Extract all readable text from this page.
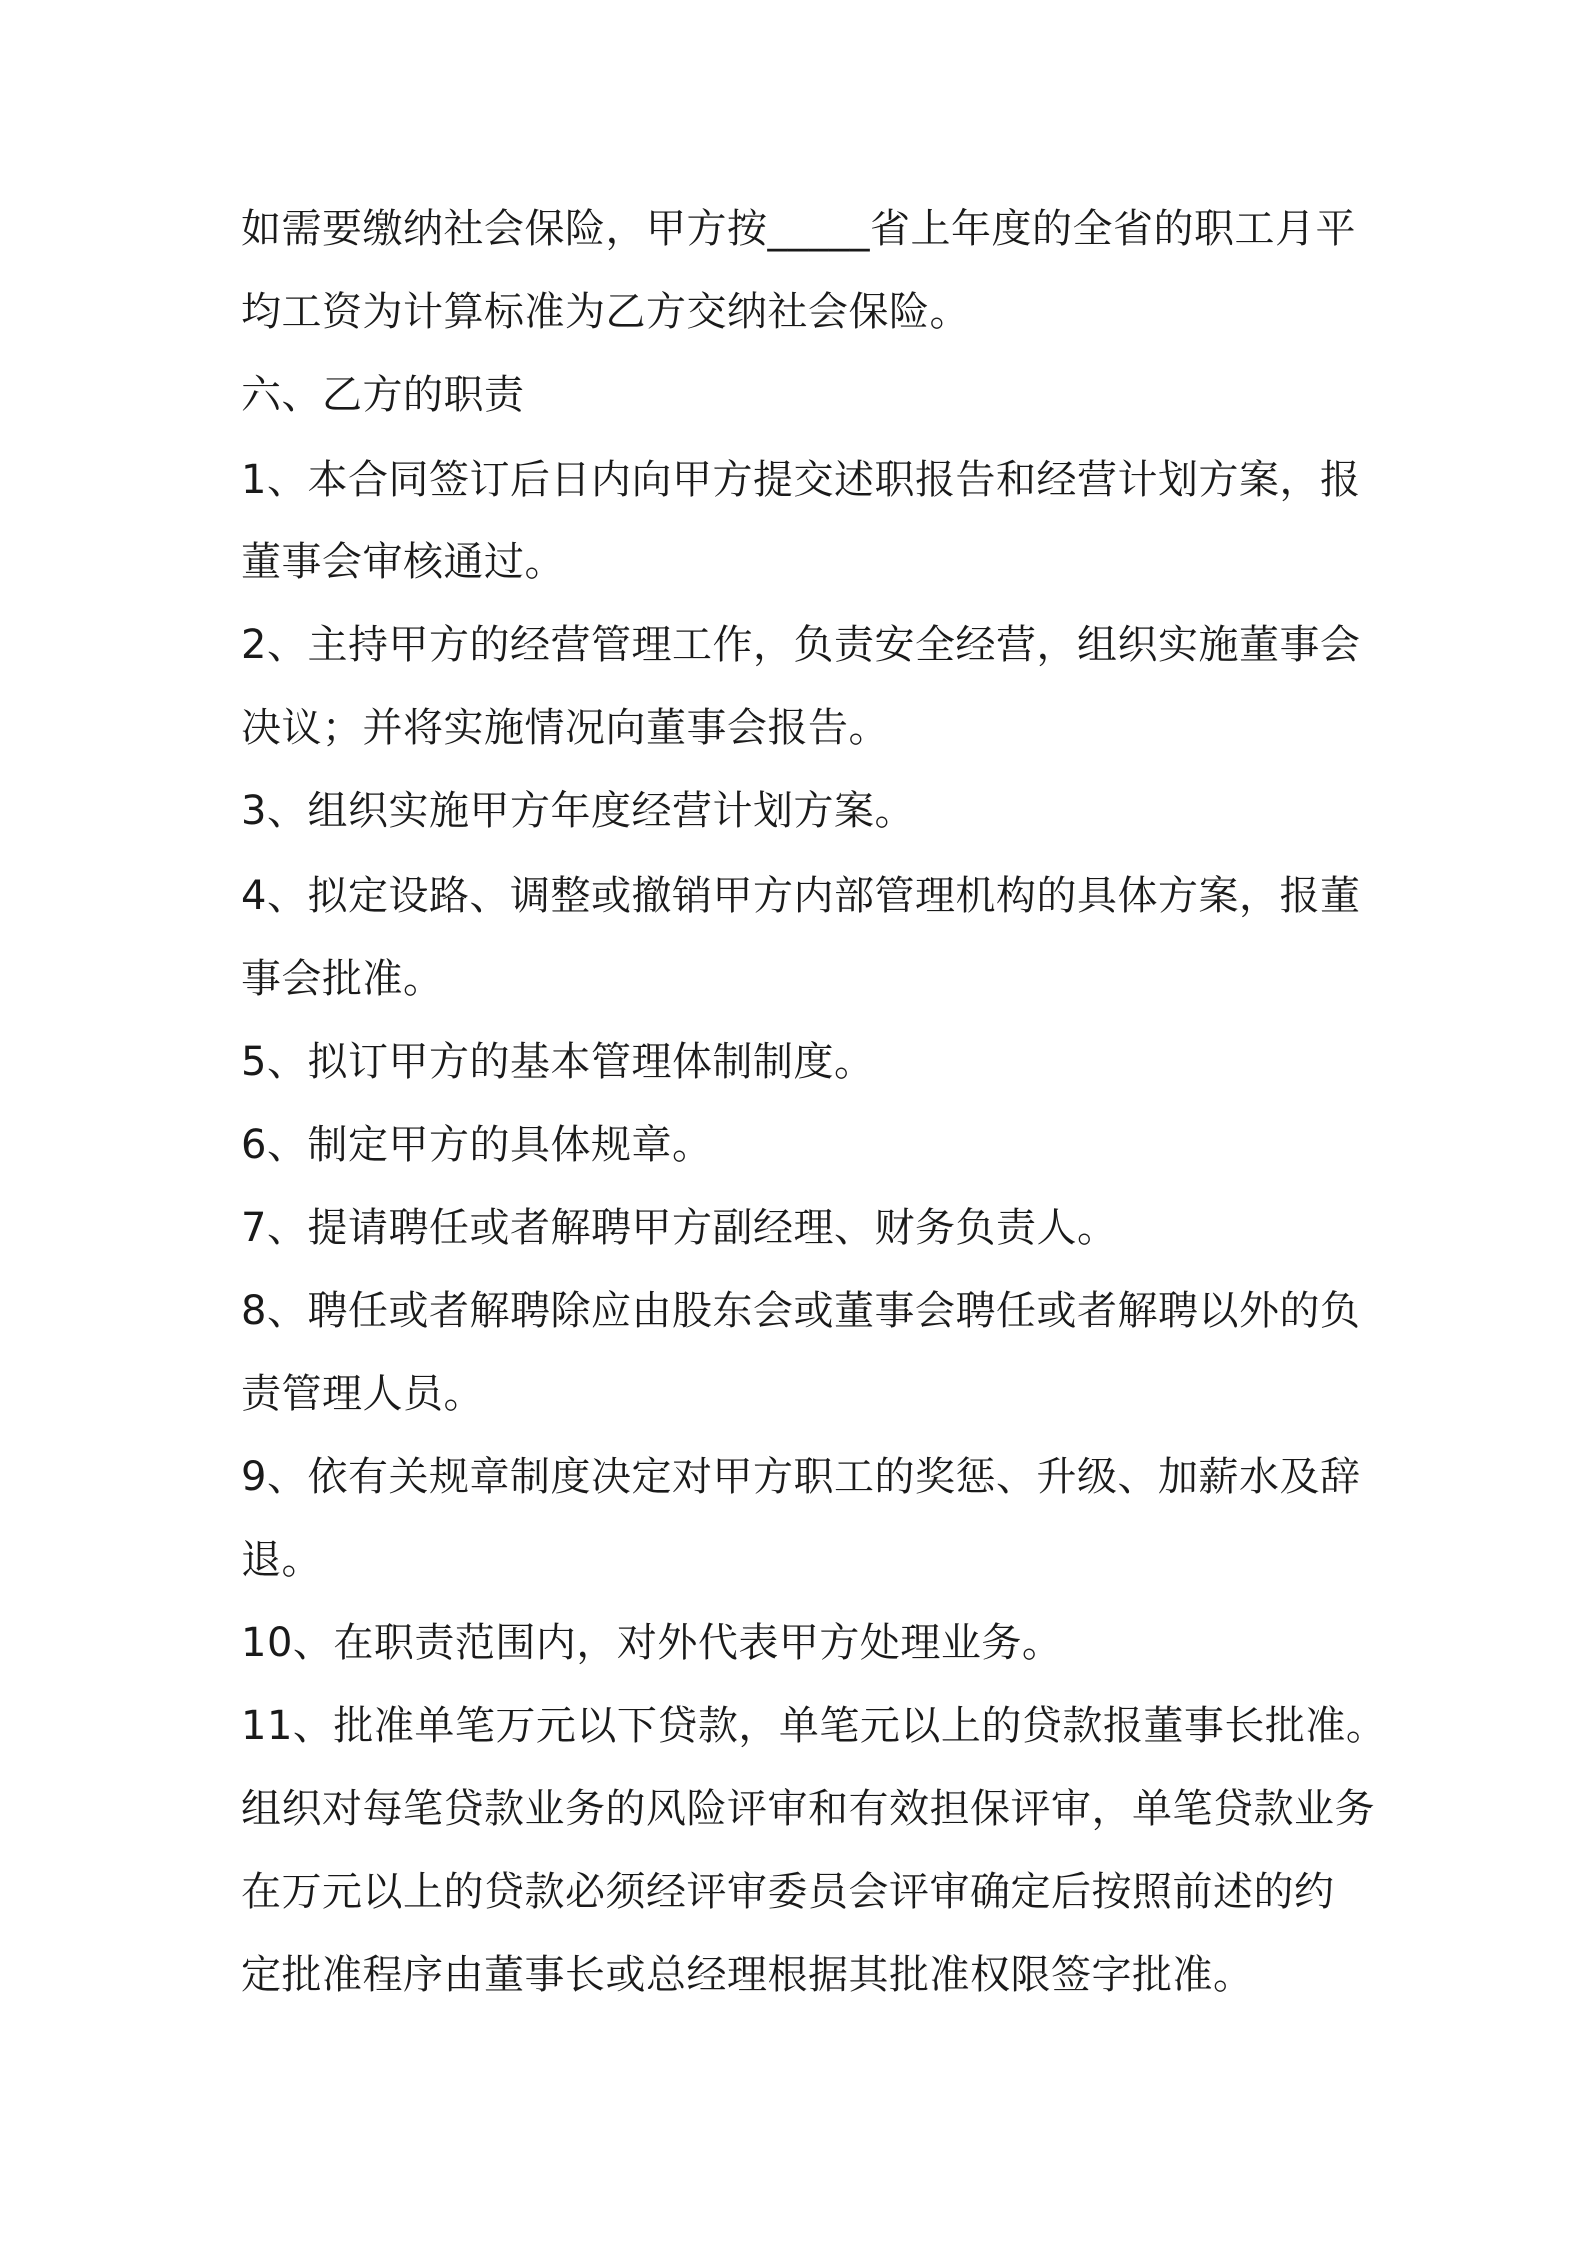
如需要缴纳社会保险，甲方按_____省上年度的全省的职工月平
均工资为计算标准为乙方交纳社会保险。
六、乙方的职责
1、本合同签订后日内向甲方提交述职报告和经营计划方案，报
董事会审核通过。
2、主持甲方的经营管理工作，负责安全经营，组织实施董事会
决议；并将实施情况向董事会报告。
3、组织实施甲方年度经营计划方案。
4、拟定设路、调整或撤销甲方内部管理机构的具体方案，报董
事会批准。
5、拟订甲方的基本管理体制制度。
6、制定甲方的具体规章。
7、提请聘任或者解聘甲方副经理、财务负责人。
8、聘任或者解聘除应由股东会或董事会聘任或者解聘以外的负
责管理人员。
9、依有关规章制度决定对甲方职工的奖惩、升级、加薪水及辞
退。
10、在职责范围内，对外代表甲方处理业务。
11、批准单笔万元以下贷款，单笔元以上的贷款报董事长批准。
组织对每笔贷款业务的风险评审和有效担保评审，单笔贷款业务
在万元以上的贷款必须经评审委员会评审确定后按照前述的约
定批准程序由董事长或总经理根据其批准权限签字批准。
